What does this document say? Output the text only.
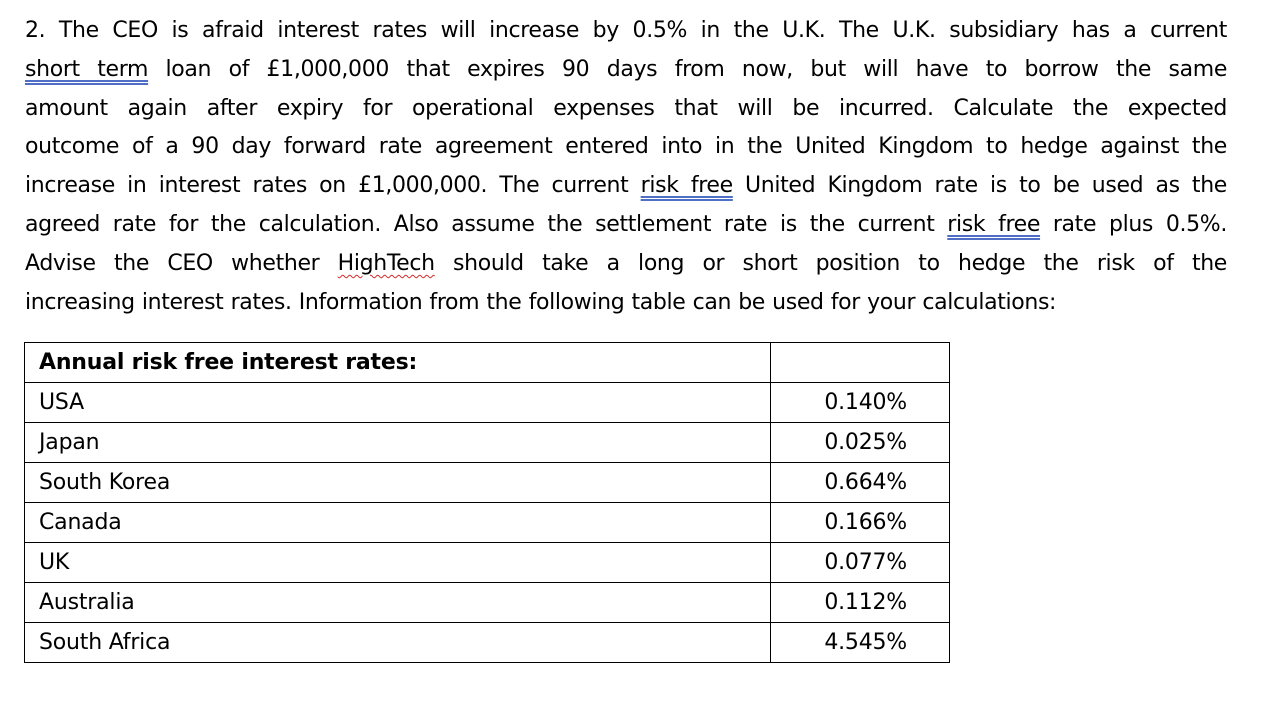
2. The CEO is afraid interest rates will increase by 0.5% in the U.K. The U.K. subsidiary has a current
short term loan of £1,000,000 that expires 90 days from now, but will have to borrow the same
amount again after expiry for operational expenses that will be incurred. Calculate the expected
outcome of a 90 day forward rate agreement entered into in the United Kingdom to hedge against the
increase in interest rates on £1,000,000. The current risk free United Kingdom rate is to be used as the
agreed rate for the calculation. Also assume the settlement rate is the current risk free rate plus 0.5%.
Advise the CEO whether HighTech should take a long or short position to hedge the risk of the
increasing interest rates. Information from the following table can be used for your calculations:
Annual risk free interest rates:	
USA	0.140%
Japan	0.025%
South Korea	0.664%
Canada	0.166%
UK	0.077%
Australia	0.112%
South Africa	4.545%
